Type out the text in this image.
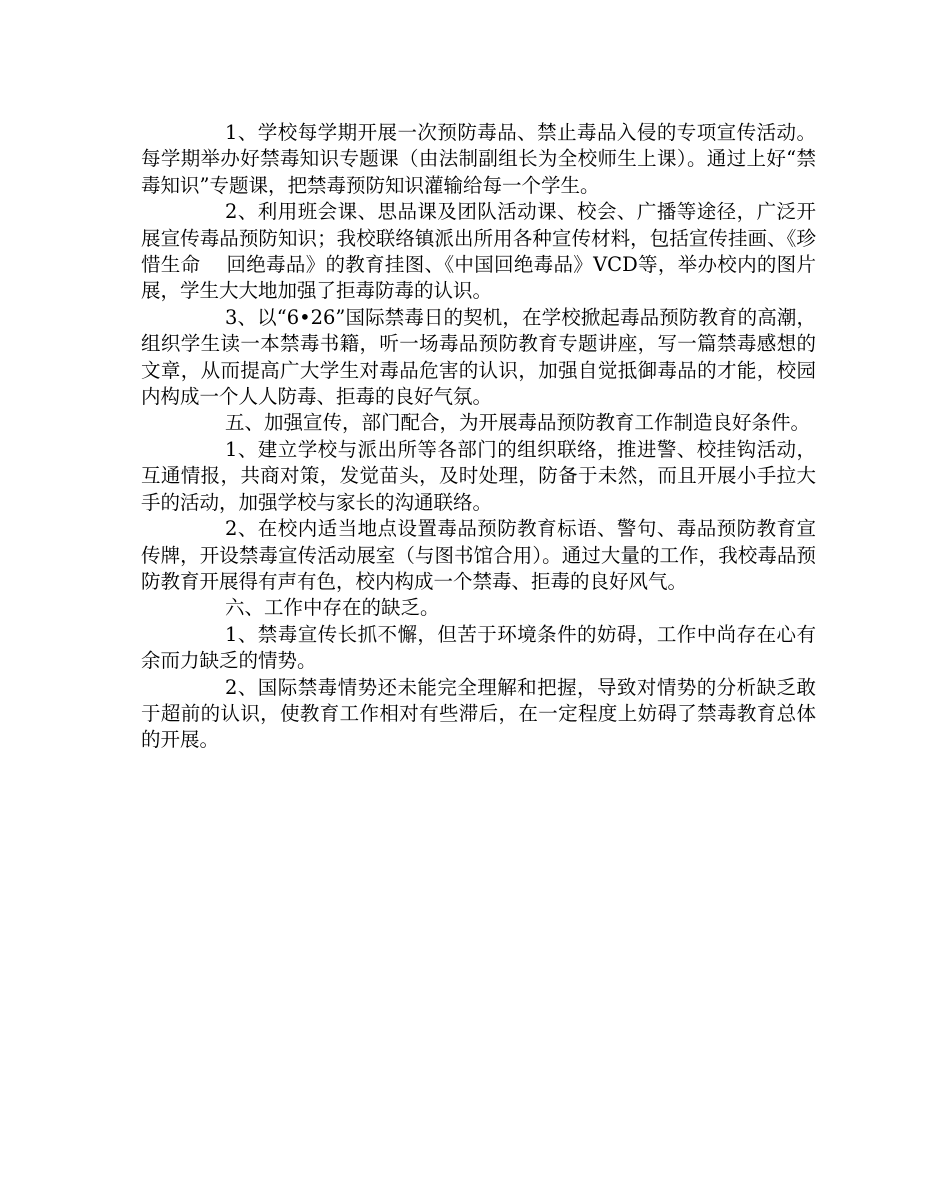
1、学校每学期开展一次预防毒品、禁止毒品入侵的专项宣传活动。每学期举办好禁毒知识专题课（由法制副组长为全校师生上课）。通过上好“禁毒知识”专题课，把禁毒预防知识灌输给每一个学生。

2、利用班会课、思品课及团队活动课、校会、广播等途径，广泛开展宣传毒品预防知识；我校联络镇派出所用各种宣传材料，包括宣传挂画、《珍惜生命    回绝毒品》的教育挂图、《中国回绝毒品》VCD等，举办校内的图片展，学生大大地加强了拒毒防毒的认识。

3、以“6•26”国际禁毒日的契机，在学校掀起毒品预防教育的高潮，组织学生读一本禁毒书籍，听一场毒品预防教育专题讲座，写一篇禁毒感想的文章，从而提高广大学生对毒品危害的认识，加强自觉抵御毒品的才能，校园内构成一个人人防毒、拒毒的良好气氛。

五、加强宣传，部门配合，为开展毒品预防教育工作制造良好条件。

1、建立学校与派出所等各部门的组织联络，推进警、校挂钩活动，互通情报，共商对策，发觉苗头，及时处理，防备于未然，而且开展小手拉大手的活动，加强学校与家长的沟通联络。

2、在校内适当地点设置毒品预防教育标语、警句、毒品预防教育宣传牌，开设禁毒宣传活动展室（与图书馆合用）。通过大量的工作，我校毒品预防教育开展得有声有色，校内构成一个禁毒、拒毒的良好风气。

六、工作中存在的缺乏。

1、禁毒宣传长抓不懈，但苦于环境条件的妨碍，工作中尚存在心有余而力缺乏的情势。

2、国际禁毒情势还未能完全理解和把握，导致对情势的分析缺乏敢于超前的认识，使教育工作相对有些滞后，在一定程度上妨碍了禁毒教育总体的开展。
